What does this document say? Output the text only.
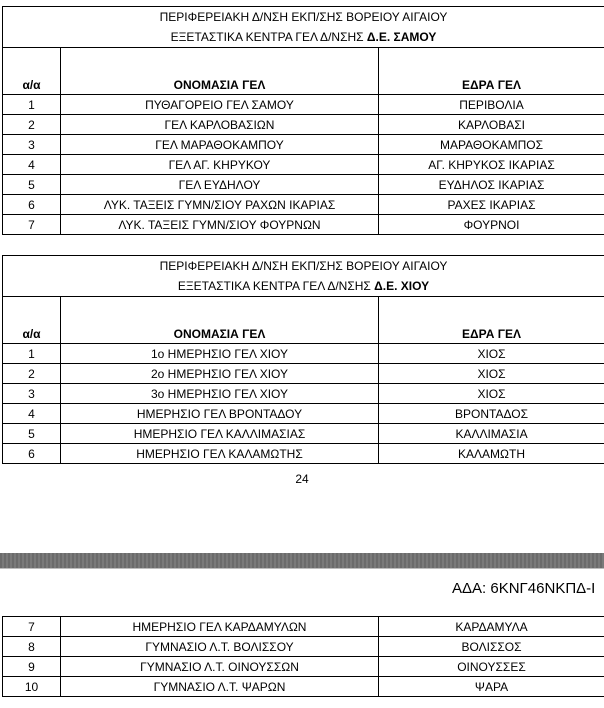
ΠΕΡΙΦΕΡΕΙΑΚΗ Δ/ΝΣΗ ΕΚΠ/ΣΗΣ ΒΟΡΕΙΟΥ ΑΙΓΑΙΟΥ		
ΕΞΕΤΑΣΤΙΚΑ ΚΕΝΤΡΑ ΓΕΛ Δ/ΝΣΗΣ Δ.Ε. ΣΑΜΟΥ		
α/α	ΟΝΟΜΑΣΙΑ ΓΕΛ	ΕΔΡΑ ΓΕΛ
1	ΠΥΘΑΓΟΡΕΙΟ ΓΕΛ ΣΑΜΟΥ	ΠΕΡΙΒΟΛΙΑ
2	ΓΕΛ ΚΑΡΛΟΒΑΣΙΩΝ	ΚΑΡΛΟΒΑΣΙ
3	ΓΕΛ ΜΑΡΑΘΟΚΑΜΠΟΥ	ΜΑΡΑΘΟΚΑΜΠΟΣ
4	ΓΕΛ ΑΓ. ΚΗΡΥΚΟΥ	ΑΓ. ΚΗΡΥΚΟΣ ΙΚΑΡΙΑΣ
5	ΓΕΛ ΕΥΔΗΛΟΥ	ΕΥΔΗΛΟΣ ΙΚΑΡΙΑΣ
6	ΛΥΚ. ΤΑΞΕΙΣ ΓΥΜΝ/ΣΙΟΥ ΡΑΧΩΝ ΙΚΑΡΙΑΣ	ΡΑΧΕΣ ΙΚΑΡΙΑΣ
7	ΛΥΚ. ΤΑΞΕΙΣ ΓΥΜΝ/ΣΙΟΥ ΦΟΥΡΝΩΝ	ΦΟΥΡΝΟΙ
ΠΕΡΙΦΕΡΕΙΑΚΗ Δ/ΝΣΗ ΕΚΠ/ΣΗΣ ΒΟΡΕΙΟΥ ΑΙΓΑΙΟΥ		
ΕΞΕΤΑΣΤΙΚΑ ΚΕΝΤΡΑ ΓΕΛ Δ/ΝΣΗΣ Δ.Ε. ΧΙΟΥ		
α/α	ΟΝΟΜΑΣΙΑ ΓΕΛ	ΕΔΡΑ ΓΕΛ
1	1ο ΗΜΕΡΗΣΙΟ ΓΕΛ ΧΙΟΥ	ΧΙΟΣ
2	2ο ΗΜΕΡΗΣΙΟ ΓΕΛ ΧΙΟΥ	ΧΙΟΣ
3	3ο ΗΜΕΡΗΣΙΟ ΓΕΛ ΧΙΟΥ	ΧΙΟΣ
4	ΗΜΕΡΗΣΙΟ ΓΕΛ ΒΡΟΝΤΑΔΟΥ	ΒΡΟΝΤΑΔΟΣ
5	ΗΜΕΡΗΣΙΟ ΓΕΛ ΚΑΛΛΙΜΑΣΙΑΣ	ΚΑΛΛΙΜΑΣΙΑ
6	ΗΜΕΡΗΣΙΟ ΓΕΛ ΚΑΛΑΜΩΤΗΣ	ΚΑΛΑΜΩΤΗ
24
ΑΔΑ: 6ΚΝΓ46ΝΚΠΔ-Ι
7	ΗΜΕΡΗΣΙΟ ΓΕΛ ΚΑΡΔΑΜΥΛΩΝ	ΚΑΡΔΑΜΥΛΑ
8	ΓΥΜΝΑΣΙΟ Λ.Τ. ΒΟΛΙΣΣΟΥ	ΒΟΛΙΣΣΟΣ
9	ΓΥΜΝΑΣΙΟ Λ.Τ. ΟΙΝΟΥΣΣΩΝ	ΟΙΝΟΥΣΣΕΣ
10	ΓΥΜΝΑΣΙΟ Λ.Τ. ΨΑΡΩΝ	ΨΑΡΑ
